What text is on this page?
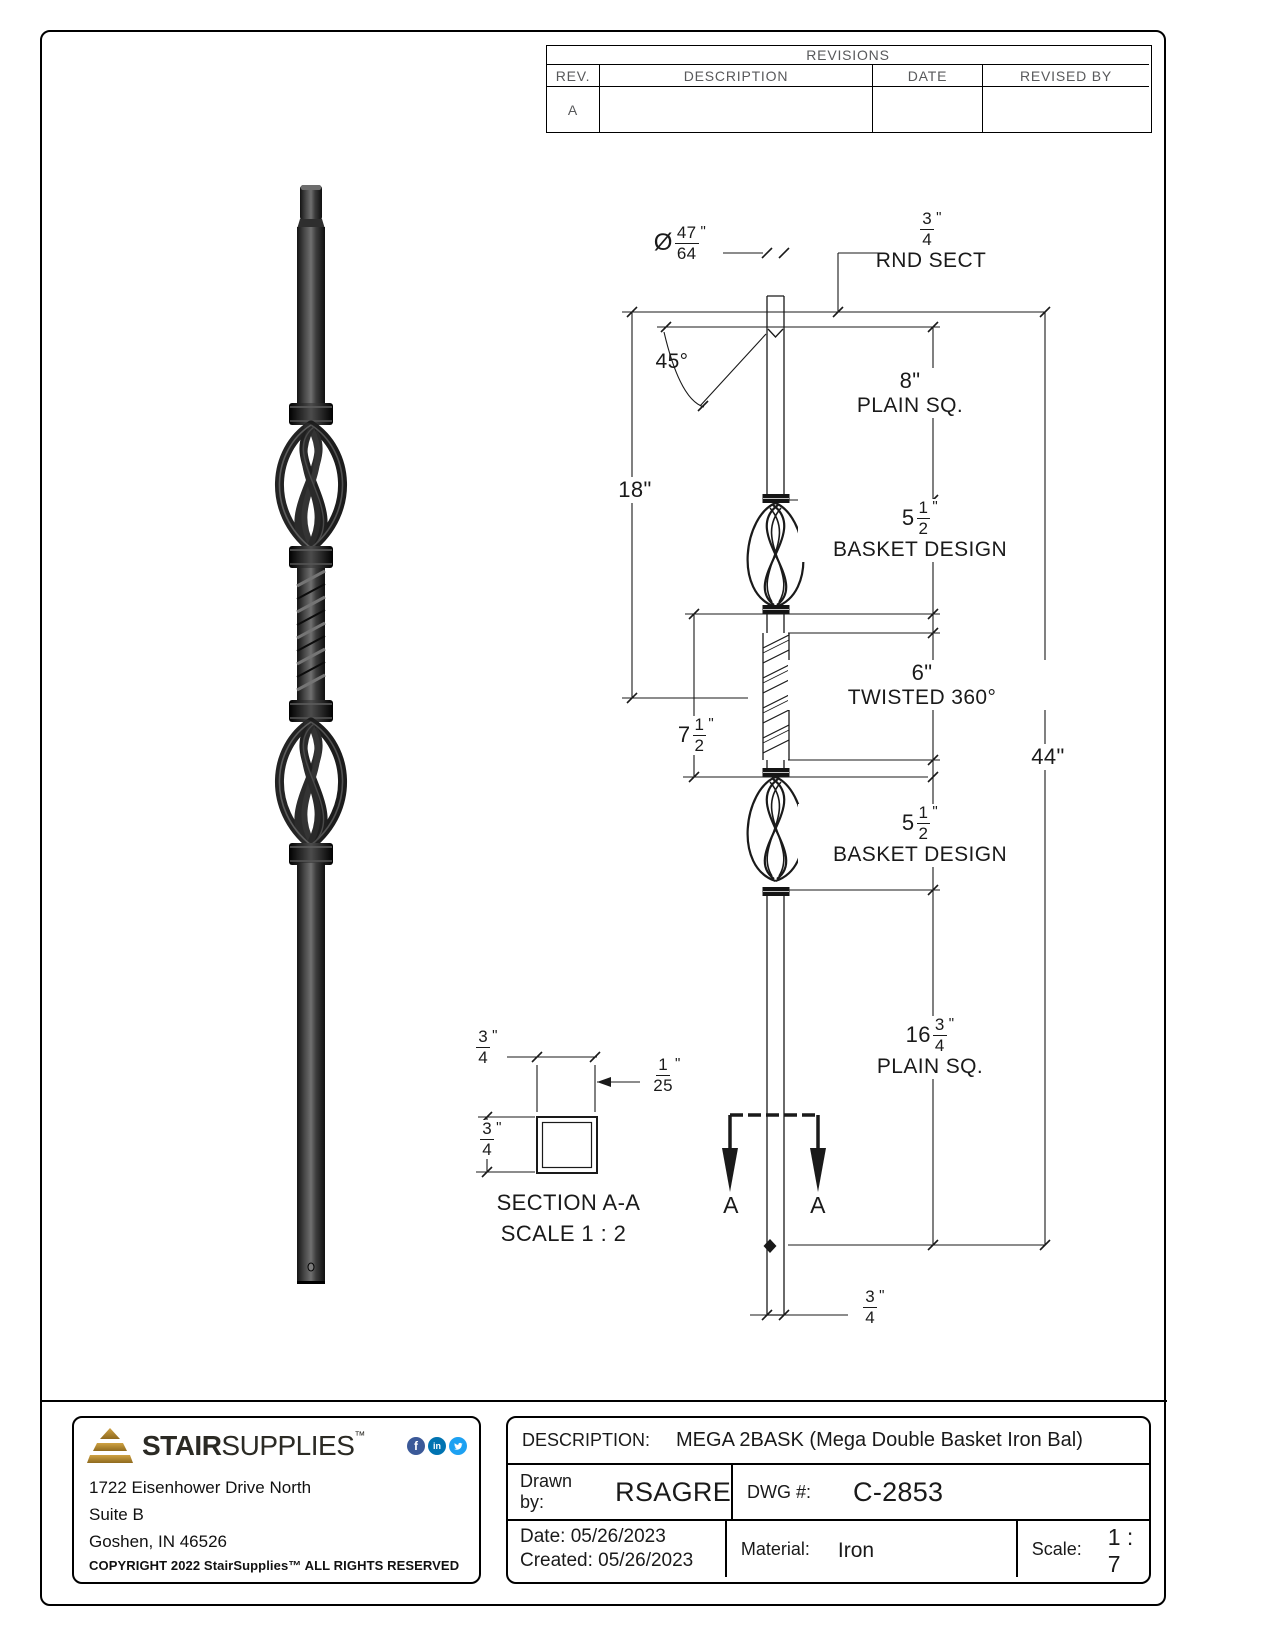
REVISIONS
REV.	DESCRIPTION	DATE	REVISED BY
A
Ø $\frac{47}{64}$ "	$\frac{3}{4}$ "
RND SECT
45°
8"
PLAIN SQ.
18"
$5 \frac{1}{2}$ "
BASKET DESIGN
6"
TWISTED 360°
$7 \frac{1}{2}$ "
44"
$5 \frac{1}{2}$ "
BASKET DESIGN
$16 \frac{3}{4}$ "
PLAIN SQ.
$\frac{3}{4}$ "
$\frac{3}{4}$ "
$\frac{3}{4}$ "
$\frac{1}{25}$ "
A	A
SECTION A-A
SCALE 1 : 2
STAIRSUPPLIES™
f	in
1722 Eisenhower Drive North
Suite B
Goshen, IN 46526
COPYRIGHT 2022 StairSupplies™ ALL RIGHTS RESERVED
DESCRIPTION: MEGA 2BASK (Mega Double Basket Iron Bal)
Drawn by:	RSAGRE DWG #: C-2853
Date: 05/26/2023
Created: 05/26/2023
Material: Iron	Scale: 1 : 7
